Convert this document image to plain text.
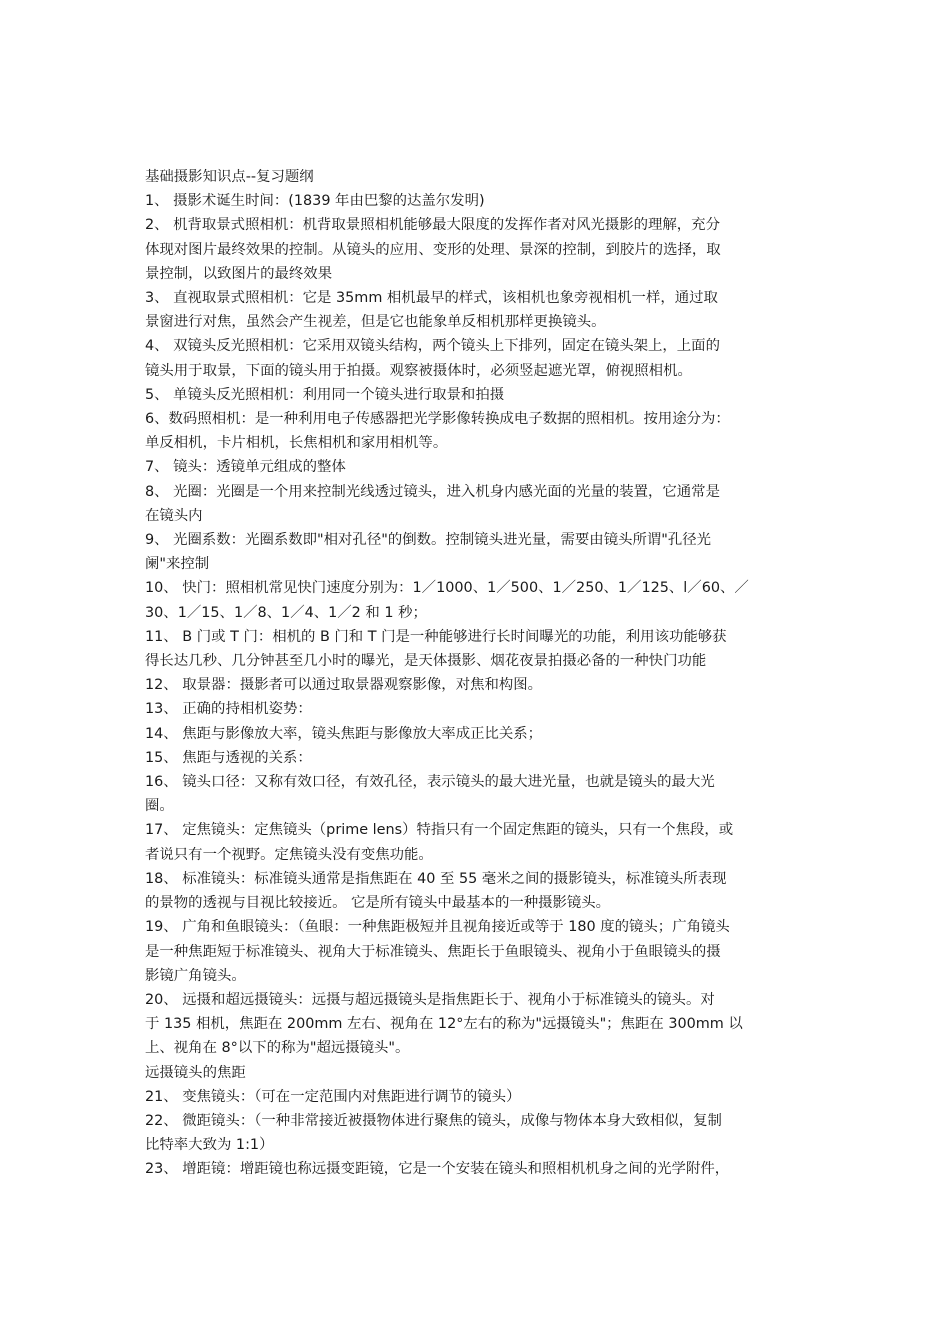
基础摄影知识点--复习题纲
1、 摄影术诞生时间：(1839 年由巴黎的达盖尔发明)
2、 机背取景式照相机：机背取景照相机能够最大限度的发挥作者对风光摄影的理解，充分
体现对图片最终效果的控制。从镜头的应用、变形的处理、景深的控制，到胶片的选择，取
景控制，以致图片的最终效果
3、 直视取景式照相机：它是 35mm 相机最早的样式，该相机也象旁视相机一样，通过取
景窗进行对焦，虽然会产生视差，但是它也能象单反相机那样更换镜头。
4、 双镜头反光照相机：它采用双镜头结构，两个镜头上下排列，固定在镜头架上，上面的
镜头用于取景，下面的镜头用于拍摄。观察被摄体时，必须竖起遮光罩，俯视照相机。
5、 单镜头反光照相机：利用同一个镜头进行取景和拍摄
6、数码照相机：是一种利用电子传感器把光学影像转换成电子数据的照相机。按用途分为：
单反相机，卡片相机，长焦相机和家用相机等。
7、 镜头：透镜单元组成的整体
8、 光圈：光圈是一个用来控制光线透过镜头，进入机身内感光面的光量的装置，它通常是
在镜头内
9、 光圈系数：光圈系数即"相对孔径"的倒数。控制镜头进光量，需要由镜头所谓"孔径光
阑"来控制
10、 快门：照相机常见快门速度分别为：1／1000、1／500、1／250、1／125、l／60、／
30、1／15、1／8、1／4、1／2 和 1 秒；
11、 B 门或 T 门：相机的 B 门和 T 门是一种能够进行长时间曝光的功能，利用该功能够获
得长达几秒、几分钟甚至几小时的曝光，是天体摄影、烟花夜景拍摄必备的一种快门功能
12、 取景器：摄影者可以通过取景器观察影像，对焦和构图。
13、 正确的持相机姿势：
14、 焦距与影像放大率，镜头焦距与影像放大率成正比关系；
15、 焦距与透视的关系：
16、 镜头口径：又称有效口径，有效孔径，表示镜头的最大进光量，也就是镜头的最大光
圈。
17、 定焦镜头：定焦镜头（prime lens）特指只有一个固定焦距的镜头，只有一个焦段，或
者说只有一个视野。定焦镜头没有变焦功能。
18、 标准镜头：标准镜头通常是指焦距在 40 至 55 毫米之间的摄影镜头，标准镜头所表现
的景物的透视与目视比较接近。 它是所有镜头中最基本的一种摄影镜头。
19、 广角和鱼眼镜头：（鱼眼：一种焦距极短并且视角接近或等于 180 度的镜头；广角镜头
是一种焦距短于标准镜头、视角大于标准镜头、焦距长于鱼眼镜头、视角小于鱼眼镜头的摄
影镜广角镜头。
20、 远摄和超远摄镜头：远摄与超远摄镜头是指焦距长于、视角小于标准镜头的镜头。对
于 135 相机，焦距在 200mm 左右、视角在 12°左右的称为"远摄镜头"；焦距在 300mm 以
上、视角在 8°以下的称为"超远摄镜头"。
远摄镜头的焦距
21、 变焦镜头：（可在一定范围内对焦距进行调节的镜头）
22、 微距镜头：（一种非常接近被摄物体进行聚焦的镜头，成像与物体本身大致相似，复制
比特率大致为 1:1）
23、 增距镜：增距镜也称远摄变距镜，它是一个安装在镜头和照相机机身之间的光学附件，
